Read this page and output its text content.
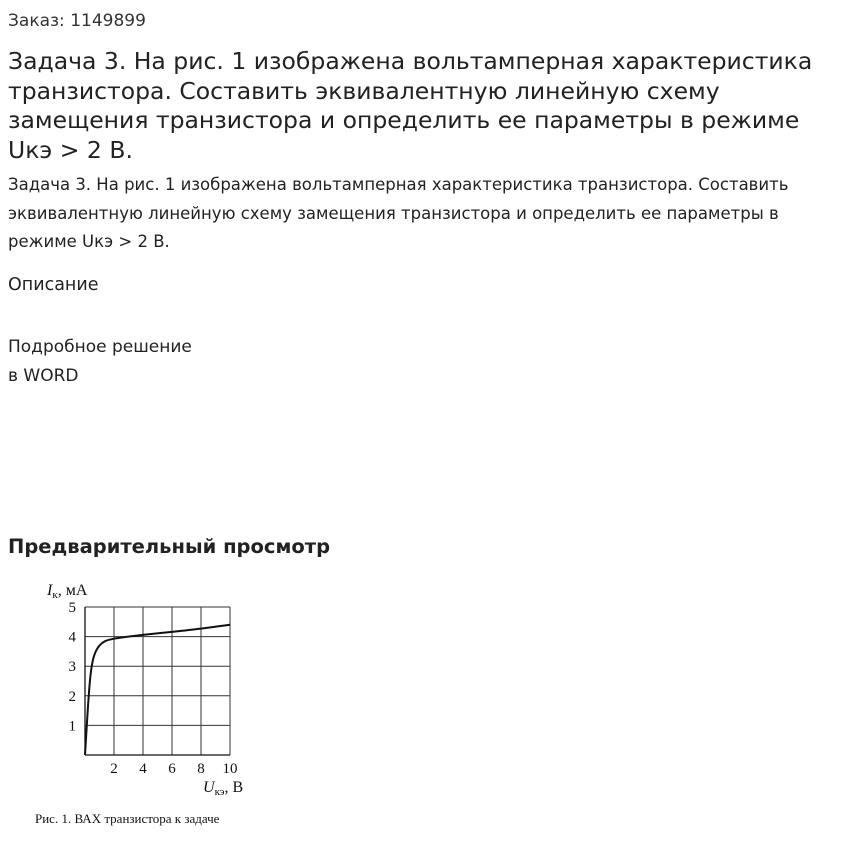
Заказ: 1149899
Задача 3. На рис. 1 изображена вольтамперная характеристика транзистора. Составить эквивалентную линейную схему замещения транзистора и определить ее параметры в режиме Uкэ > 2 В.
Задача 3. На рис. 1 изображена вольтамперная характеристика транзистора. Составить эквивалентную линейную схему замещения транзистора и определить ее параметры в режиме Uкэ > 2 В.
Описание
Подробное решение
в WORD
Предварительный просмотр
2 4 6 8 10
1
2
3
4
5
Iк, мА
Uкэ, В
Рис. 1. ВАХ транзистора к задаче
